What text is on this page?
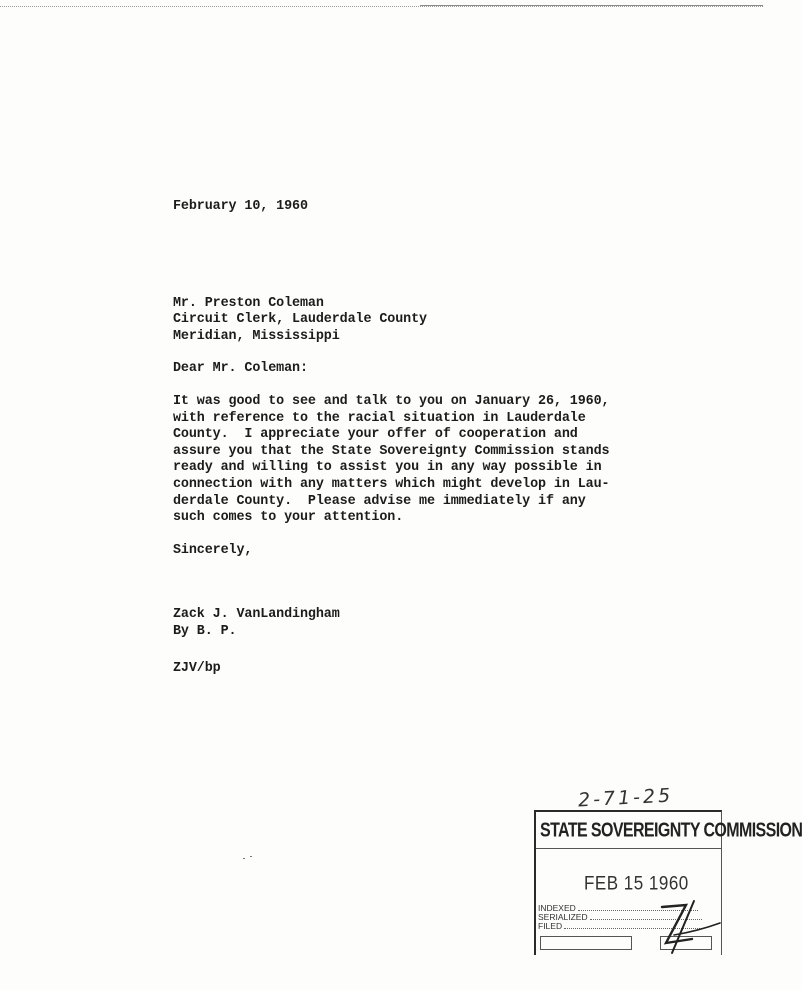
February 10, 1960

Mr. Preston Coleman

Circuit Clerk, Lauderdale County

Meridian, Mississippi

Dear Mr. Coleman:

It was good to see and talk to you on January 26, 1960,

with reference to the racial situation in Lauderdale

County.  I appreciate your offer of cooperation and

assure you that the State Sovereignty Commission stands

ready and willing to assist you in any way possible in

connection with any matters which might develop in Lau-

derdale County.  Please advise me immediately if any

such comes to your attention.

Sincerely,

Zack J. VanLandingham

By B. P.

ZJV/bp

2-71-25
STATE SOVEREIGNTY COMMISSION
FEB 15 1960
INDEXED
SERIALIZED
FILED
